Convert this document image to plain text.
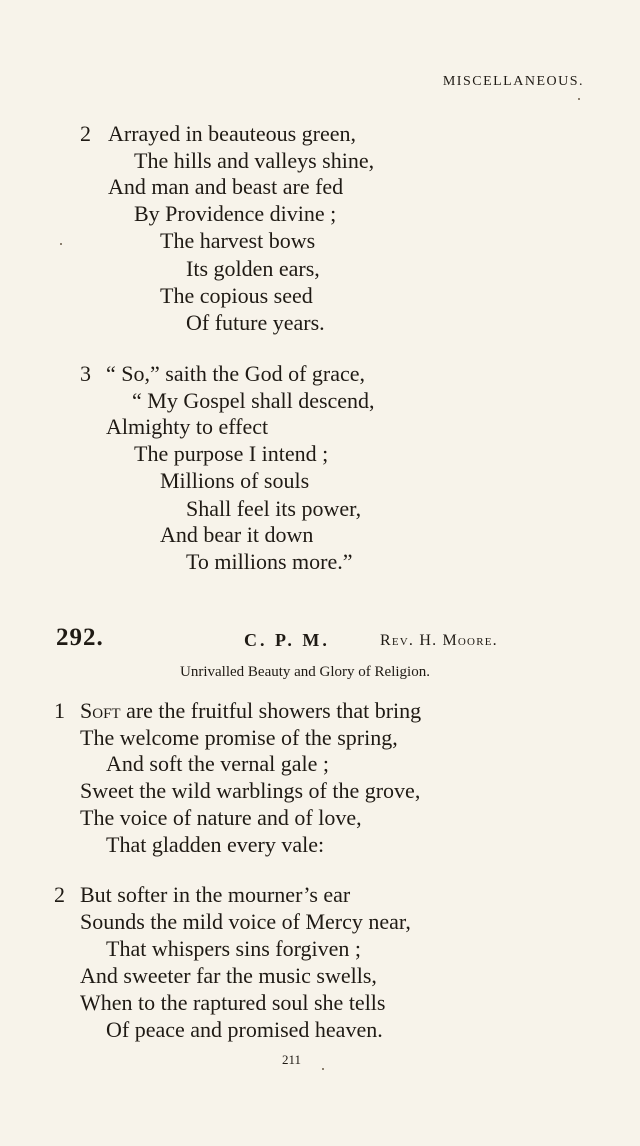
MISCELLANEOUS.
2 Arrayed in beauteous green,
The hills and valleys shine,
And man and beast are fed
By Providence divine ;
The harvest bows
Its golden ears,
The copious seed
Of future years.
3 “ So,” saith the God of grace,
“ My Gospel shall descend,
Almighty to effect
The purpose I intend ;
Millions of souls
Shall feel its power,
And bear it down
To millions more.”
292.	C. P. M.	Rev. H. Moore.
Unrivalled Beauty and Glory of Religion.
1 Soft are the fruitful showers that bring
The welcome promise of the spring,
And soft the vernal gale ;
Sweet the wild warblings of the grove,
The voice of nature and of love,
That gladden every vale:
2 But softer in the mourner’s ear
Sounds the mild voice of Mercy near,
That whispers sins forgiven ;
And sweeter far the music swells,
When to the raptured soul she tells
Of peace and promised heaven.
211
